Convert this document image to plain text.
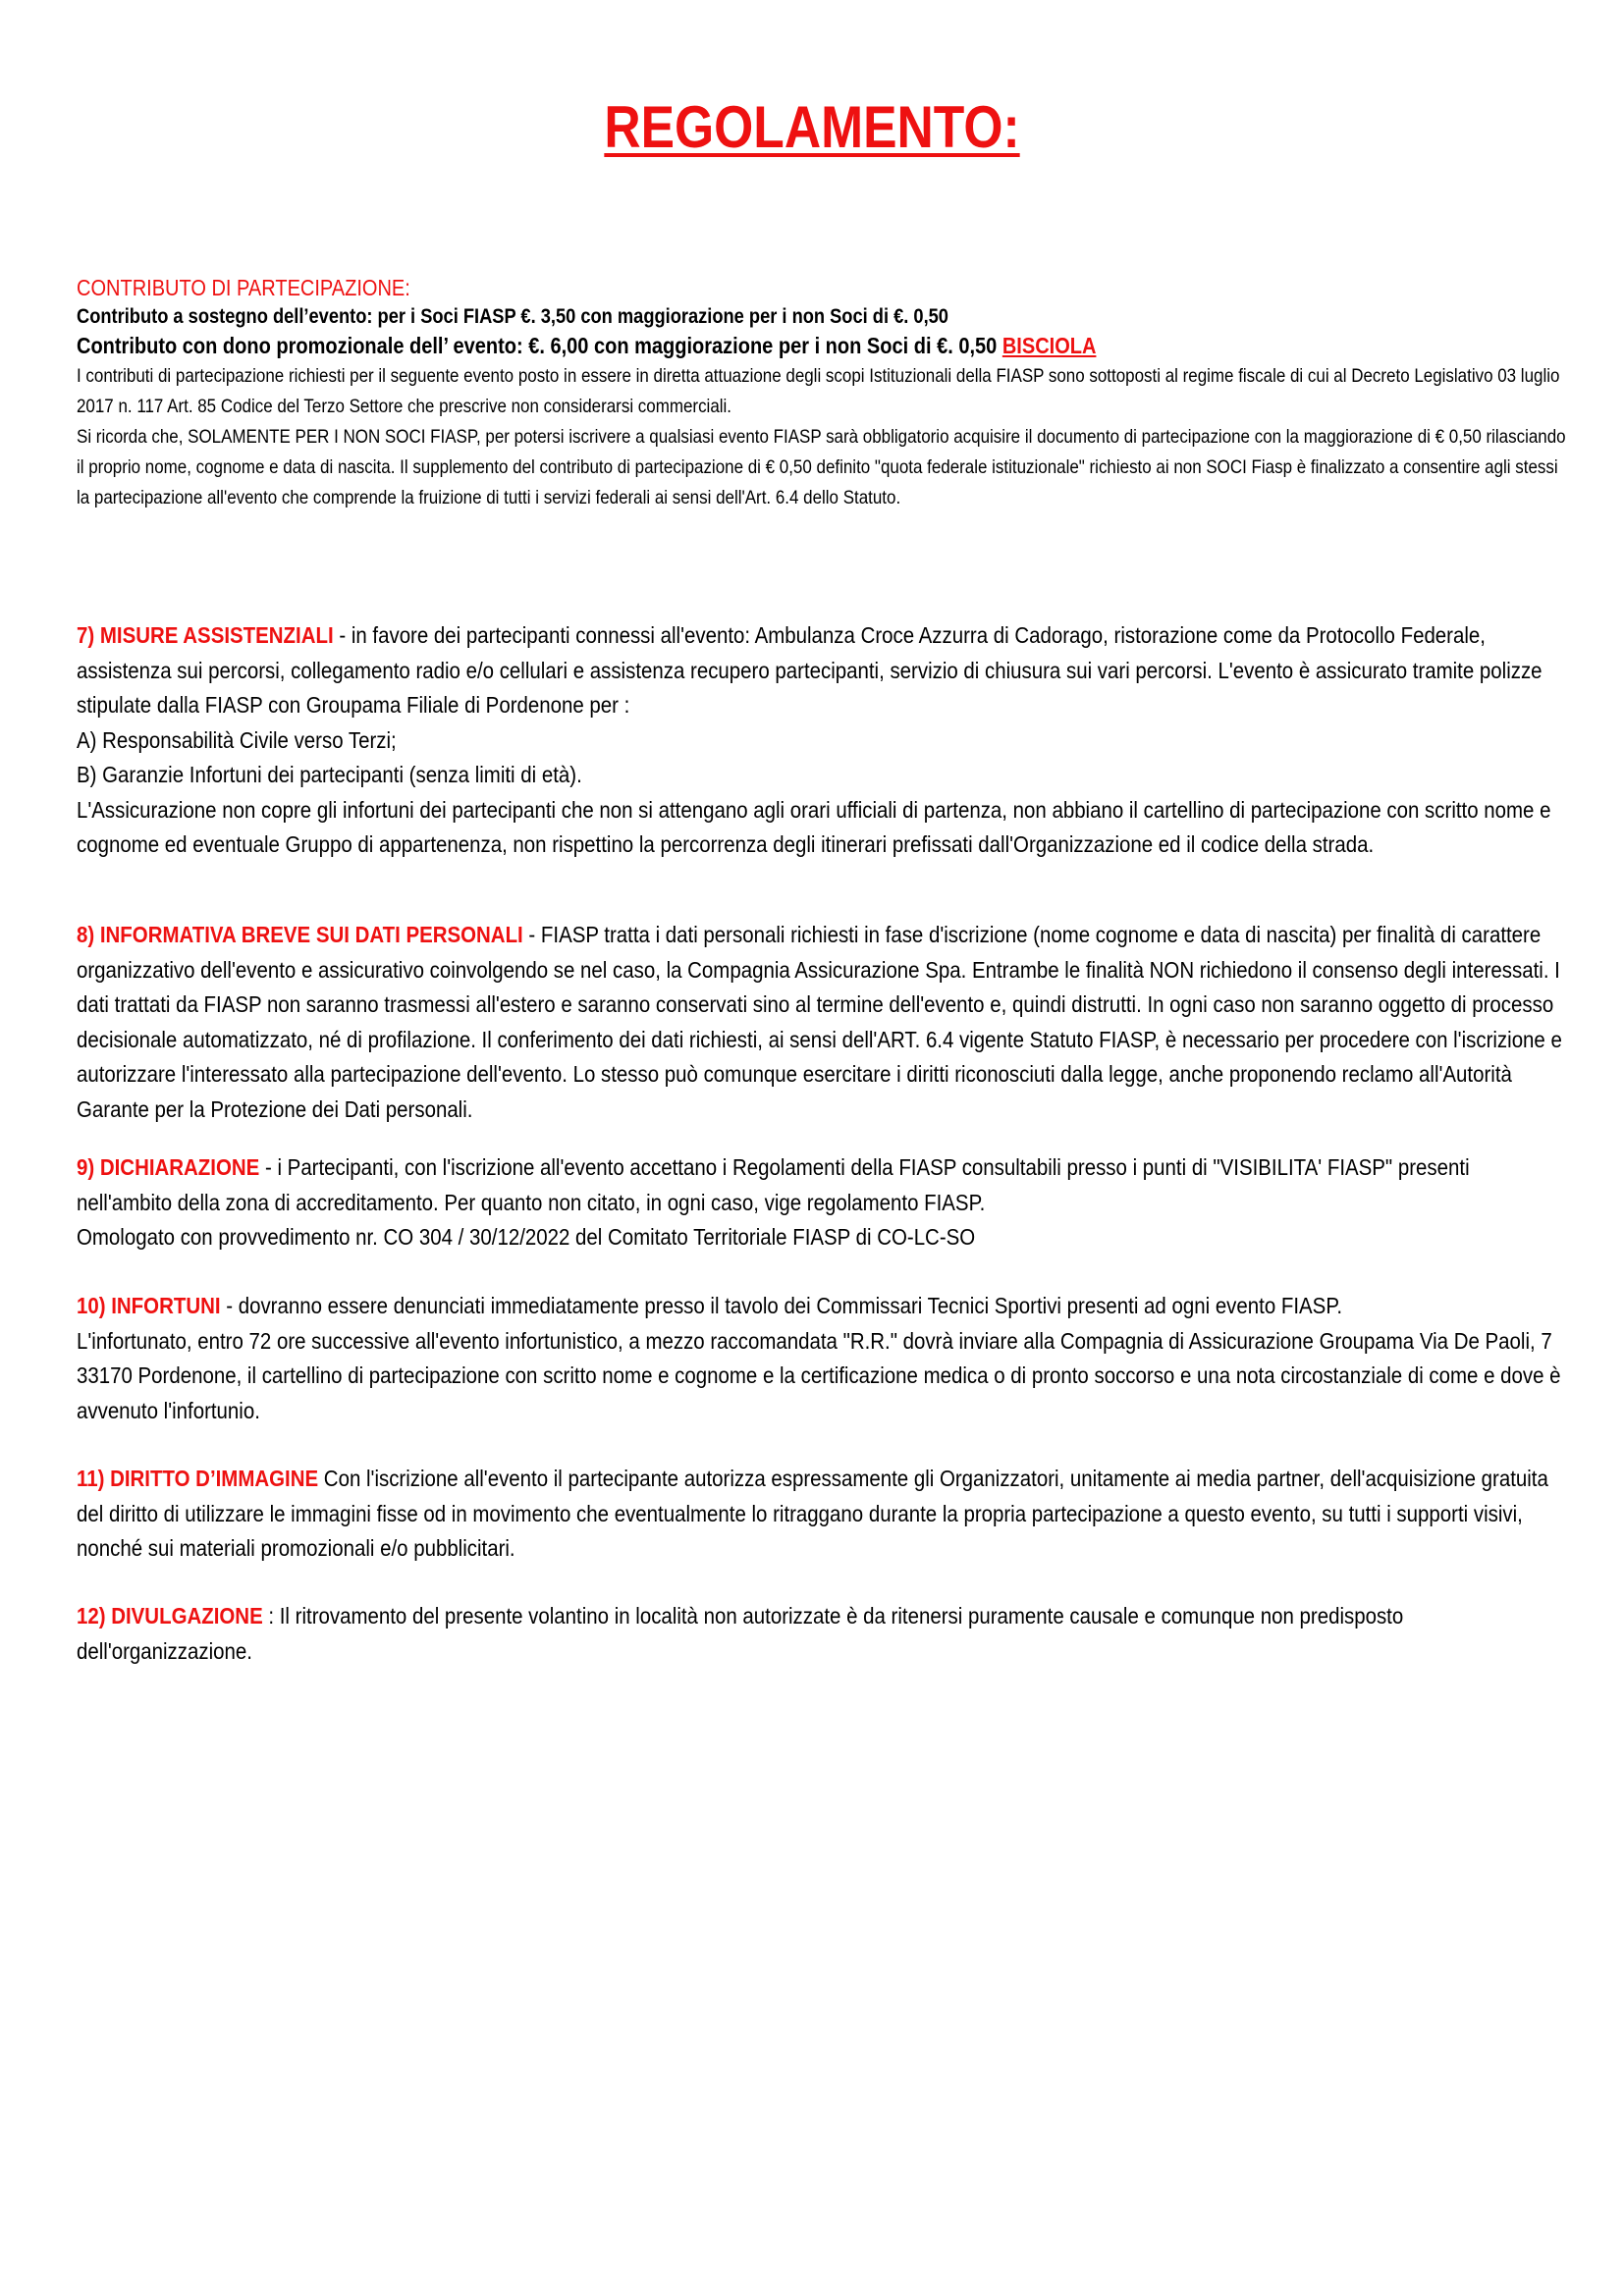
REGOLAMENTO:

CONTRIBUTO DI PARTECIPAZIONE:

Contributo a sostegno dell’evento: per i Soci FIASP €. 3,50 con maggiorazione per i non Soci di €. 0,50

Contributo con dono promozionale dell’ evento: €. 6,00 con maggiorazione per i non Soci di €. 0,50 BISCIOLA

I contributi di partecipazione richiesti per il seguente evento posto in essere in diretta attuazione degli scopi Istituzionali della FIASP sono sottoposti al regime fiscale di cui al Decreto Legislativo 03 luglio 2017 n. 117 Art. 85 Codice del Terzo Settore che prescrive non considerarsi commerciali.

Si ricorda che, SOLAMENTE PER I NON SOCI FIASP, per potersi iscrivere a qualsiasi evento FIASP sarà obbligatorio acquisire il documento di partecipazione con la maggiorazione di € 0,50 rilasciando il proprio nome, cognome e data di nascita. Il supplemento del contributo di partecipazione di € 0,50 definito "quota federale istituzionale" richiesto ai non SOCI Fiasp è finalizzato a consentire agli stessi la partecipazione all'evento che comprende la fruizione di tutti i servizi federali ai sensi dell'Art. 6.4 dello Statuto.

7) MISURE ASSISTENZIALI - in favore dei partecipanti connessi all'evento: Ambulanza Croce Azzurra di Cadorago, ristorazione come da Protocollo Federale, assistenza sui percorsi, collegamento radio e/o cellulari e assistenza recupero partecipanti, servizio di chiusura sui vari percorsi. L'evento è assicurato tramite polizze stipulate dalla FIASP con Groupama Filiale di Pordenone per :

A) Responsabilità Civile verso Terzi;

B) Garanzie Infortuni dei partecipanti (senza limiti di età).

L'Assicurazione non copre gli infortuni dei partecipanti che non si attengano agli orari ufficiali di partenza, non abbiano il cartellino di partecipazione con scritto nome e cognome ed eventuale Gruppo di appartenenza, non rispettino la percorrenza degli itinerari prefissati dall'Organizzazione ed il codice della strada.

8) INFORMATIVA BREVE SUI DATI PERSONALI - FIASP tratta i dati personali richiesti in fase d'iscrizione (nome cognome e data di nascita) per finalità di carattere organizzativo dell'evento e assicurativo coinvolgendo se nel caso, la Compagnia Assicurazione Spa. Entrambe le finalità NON richiedono il consenso degli interessati. I dati trattati da FIASP non saranno trasmessi all'estero e saranno conservati sino al termine dell'evento e, quindi distrutti. In ogni caso non saranno oggetto di processo decisionale automatizzato, né di profilazione. Il conferimento dei dati richiesti, ai sensi dell'ART. 6.4 vigente Statuto FIASP, è necessario per procedere con l'iscrizione e autorizzare l'interessato alla partecipazione dell'evento. Lo stesso può comunque esercitare i diritti riconosciuti dalla legge, anche proponendo reclamo all'Autorità Garante per la Protezione dei Dati personali.

9) DICHIARAZIONE - i Partecipanti, con l'iscrizione all'evento accettano i Regolamenti della FIASP consultabili presso i punti di "VISIBILITA' FIASP" presenti nell'ambito della zona di accreditamento. Per quanto non citato, in ogni caso, vige regolamento FIASP.

Omologato con provvedimento nr. CO 304 / 30/12/2022 del Comitato Territoriale FIASP di CO-LC-SO

10) INFORTUNI - dovranno essere denunciati immediatamente presso il tavolo dei Commissari Tecnici Sportivi presenti ad ogni evento FIASP.

L'infortunato, entro 72 ore successive all'evento infortunistico, a mezzo raccomandata "R.R." dovrà inviare alla Compagnia di Assicurazione Groupama Via De Paoli, 7 33170 Pordenone, il cartellino di partecipazione con scritto nome e cognome e la certificazione medica o di pronto soccorso e una nota circostanziale di come e dove è avvenuto l'infortunio.

11) DIRITTO D’IMMAGINE Con l'iscrizione all'evento il partecipante autorizza espressamente gli Organizzatori, unitamente ai media partner, dell'acquisizione gratuita del diritto di utilizzare le immagini fisse od in movimento che eventualmente lo ritraggano durante la propria partecipazione a questo evento, su tutti i supporti visivi, nonché sui materiali promozionali e/o pubblicitari.

12) DIVULGAZIONE : Il ritrovamento del presente volantino in località non autorizzate è da ritenersi puramente causale e comunque non predisposto dell'organizzazione.
